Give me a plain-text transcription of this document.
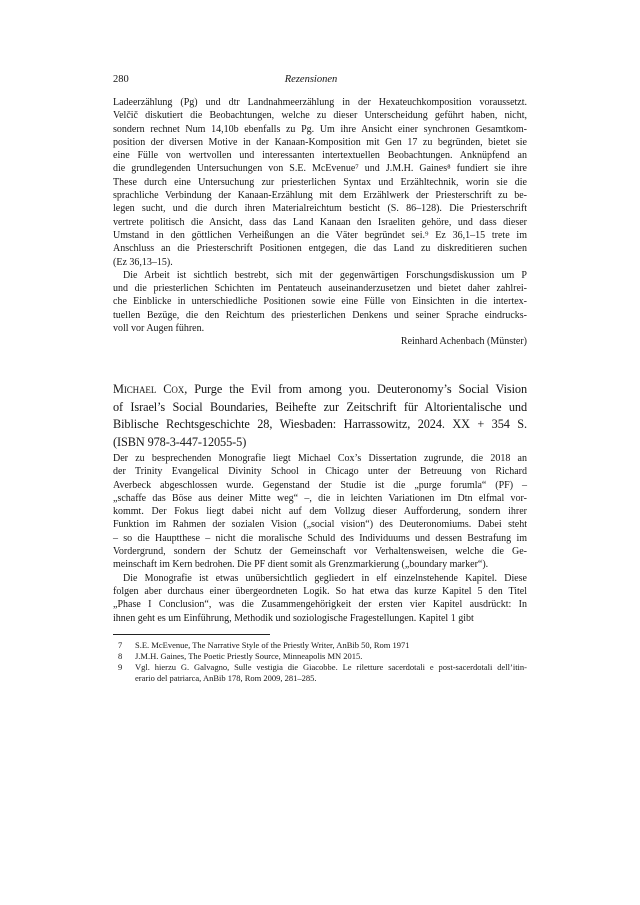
280	Rezensionen
Ladeerzählung (Pg) und dtr Landnahmeerzählung in der Hexateuchkomposition voraussetzt.
Velčič diskutiert die Beobachtungen, welche zu dieser Unterscheidung geführt haben, nicht,
sondern rechnet Num 14,10b ebenfalls zu Pg. Um ihre Ansicht einer synchronen Gesamtkom-
position der diversen Motive in der Kanaan-Komposition mit Gen 17 zu begründen, bietet sie
eine Fülle von wertvollen und interessanten intertextuellen Beobachtungen. Anknüpfend an
die grundlegenden Untersuchungen von S.E. McEvenue⁷ und J.M.H. Gaines⁸ fundiert sie ihre
These durch eine Untersuchung zur priesterlichen Syntax und Erzähltechnik, worin sie die
sprachliche Verbindung der Kanaan-Erzählung mit dem Erzählwerk der Priesterschrift zu be-
legen sucht, und die durch ihren Materialreichtum besticht (S. 86–128). Die Priesterschrift
vertrete politisch die Ansicht, dass das Land Kanaan den Israeliten gehöre, und dass dieser
Umstand in den göttlichen Verheißungen an die Väter begründet sei.⁹ Ez 36,1–15 trete im
Anschluss an die Priesterschrift Positionen entgegen, die das Land zu diskreditieren suchen
(Ez 36,13–15).
Die Arbeit ist sichtlich bestrebt, sich mit der gegenwärtigen Forschungsdiskussion um P
und die priesterlichen Schichten im Pentateuch auseinanderzusetzen und bietet daher zahlrei-
che Einblicke in unterschiedliche Positionen sowie eine Fülle von Einsichten in die intertex-
tuellen Bezüge, die den Reichtum des priesterlichen Denkens und seiner Sprache eindrucks-
voll vor Augen führen.
Reinhard Achenbach (Münster)
Michael Cox, Purge the Evil from among you. Deuteronomy’s Social Vision
of Israel’s Social Boundaries, Beihefte zur Zeitschrift für Altorientalische und
Biblische Rechtsgeschichte 28, Wiesbaden: Harrassowitz, 2024. XX + 354 S.
(ISBN 978-3-447-12055-5)
Der zu besprechenden Monografie liegt Michael Cox’s Dissertation zugrunde, die 2018 an
der Trinity Evangelical Divinity School in Chicago unter der Betreuung von Richard
Averbeck abgeschlossen wurde. Gegenstand der Studie ist die „purge forumla“ (PF) –
„schaffe das Böse aus deiner Mitte weg“ –, die in leichten Variationen im Dtn elfmal vor-
kommt. Der Fokus liegt dabei nicht auf dem Vollzug dieser Aufforderung, sondern ihrer
Funktion im Rahmen der sozialen Vision („social vision“) des Deuteronomiums. Dabei steht
– so die Hauptthese – nicht die moralische Schuld des Individuums und dessen Bestrafung im
Vordergrund, sondern der Schutz der Gemeinschaft vor Verhaltensweisen, welche die Ge-
meinschaft im Kern bedrohen. Die PF dient somit als Grenzmarkierung („boundary marker“).
Die Monografie ist etwas unübersichtlich gegliedert in elf einzelnstehende Kapitel. Diese
folgen aber durchaus einer übergeordneten Logik. So hat etwa das kurze Kapitel 5 den Titel
„Phase I Conclusion“, was die Zusammengehörigkeit der ersten vier Kapitel ausdrückt: In
ihnen geht es um Einführung, Methodik und soziologische Fragestellungen. Kapitel 1 gibt
7	S.E. McEvenue, The Narrative Style of the Priestly Writer, AnBib 50, Rom 1971
8	J.M.H. Gaines, The Poetic Priestly Source, Minneapolis MN 2015.
9	Vgl. hierzu G. Galvagno, Sulle vestigia die Giacobbe. Le riletture sacerdotali e post-sacerdotali dell’itin-
erario del patriarca, AnBib 178, Rom 2009, 281–285.
